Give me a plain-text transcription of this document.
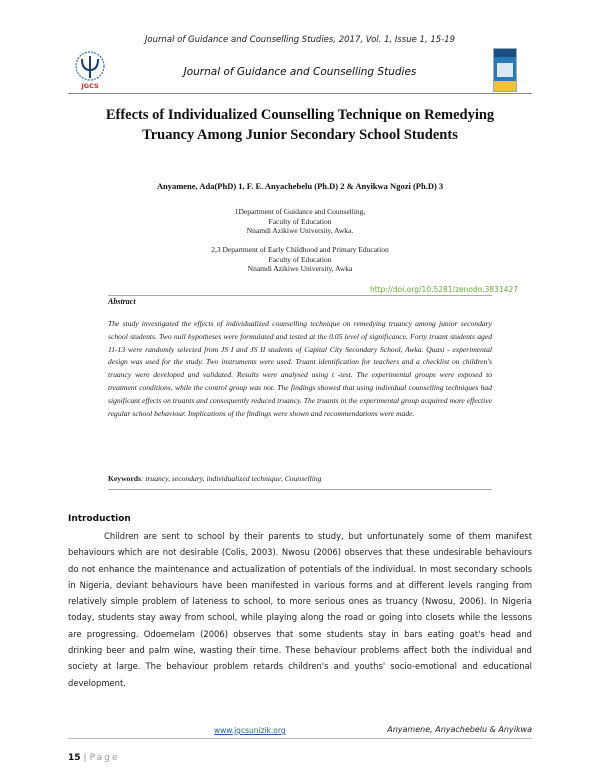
Journal of Guidance and Counselling Studies, 2017, Vol. 1, Issue 1, 15-19
JGCS
Journal of Guidance and Counselling Studies
Effects of Individualized Counselling Technique on Remedying Truancy Among Junior Secondary School Students
Anyamene, Ada(PhD) 1, F. E. Anyachebelu (Ph.D) 2 & Anyikwa Ngozi (Ph.D) 3
1Department of Guidance and Counselling,
Faculty of Education
Nnamdi Azikiwe University, Awka.
2,3 Department of Early Childhood and Primary Education
Faculty of Education
Nnamdi Azikiwe University, Awka
http://doi.org/10.5281/zenodo.3831427
Abstract
The study investigated the effects of individualized counselling technique on remedying truancy among junior secondary school students. Two null hypotheses were formulated and tested at the 0.05 level of significance. Forty truant students aged 11-13 were randomly selected from JS I and JS II students of Capital City Secondary School, Awka. Quasi - experimental design was used for the study. Two instruments were used. Truant identification for teachers and a checklist on children's truancy were developed and validated. Results were analysed using t -test. The experimental groups were exposed to treatment conditions, while the control group was not. The findings showed that using individual counselling techniques had significant effects on truants and consequently reduced truancy. The truants in the experimental group acquired more effective regular school behaviour. Implications of the findings were shown and recommendations were made.
Keywords: truancy, secondary, individualized technique, Counselling
Introduction
Children are sent to school by their parents to study, but unfortunately some of them manifest behaviours which are not desirable (Colis, 2003). Nwosu (2006) observes that these undesirable behaviours do not enhance the maintenance and actualization of potentials of the individual. In most secondary schools in Nigeria, deviant behaviours have been manifested in various forms and at different levels ranging from relatively simple problem of lateness to school, to more serious ones as truancy (Nwosu, 2006). In Nigeria today, students stay away from school, while playing along the road or going into closets while the lessons are progressing. Odoemelam (2006) observes that some students stay in bars eating goat's head and drinking beer and palm wine, wasting their time. These behaviour problems affect both the individual and society at large. The behaviour problem retards children's and youths' socio-emotional and educational development.
www.jgcsunizik.org	Anyamene, Anyachebelu & Anyikwa
15 | Page
